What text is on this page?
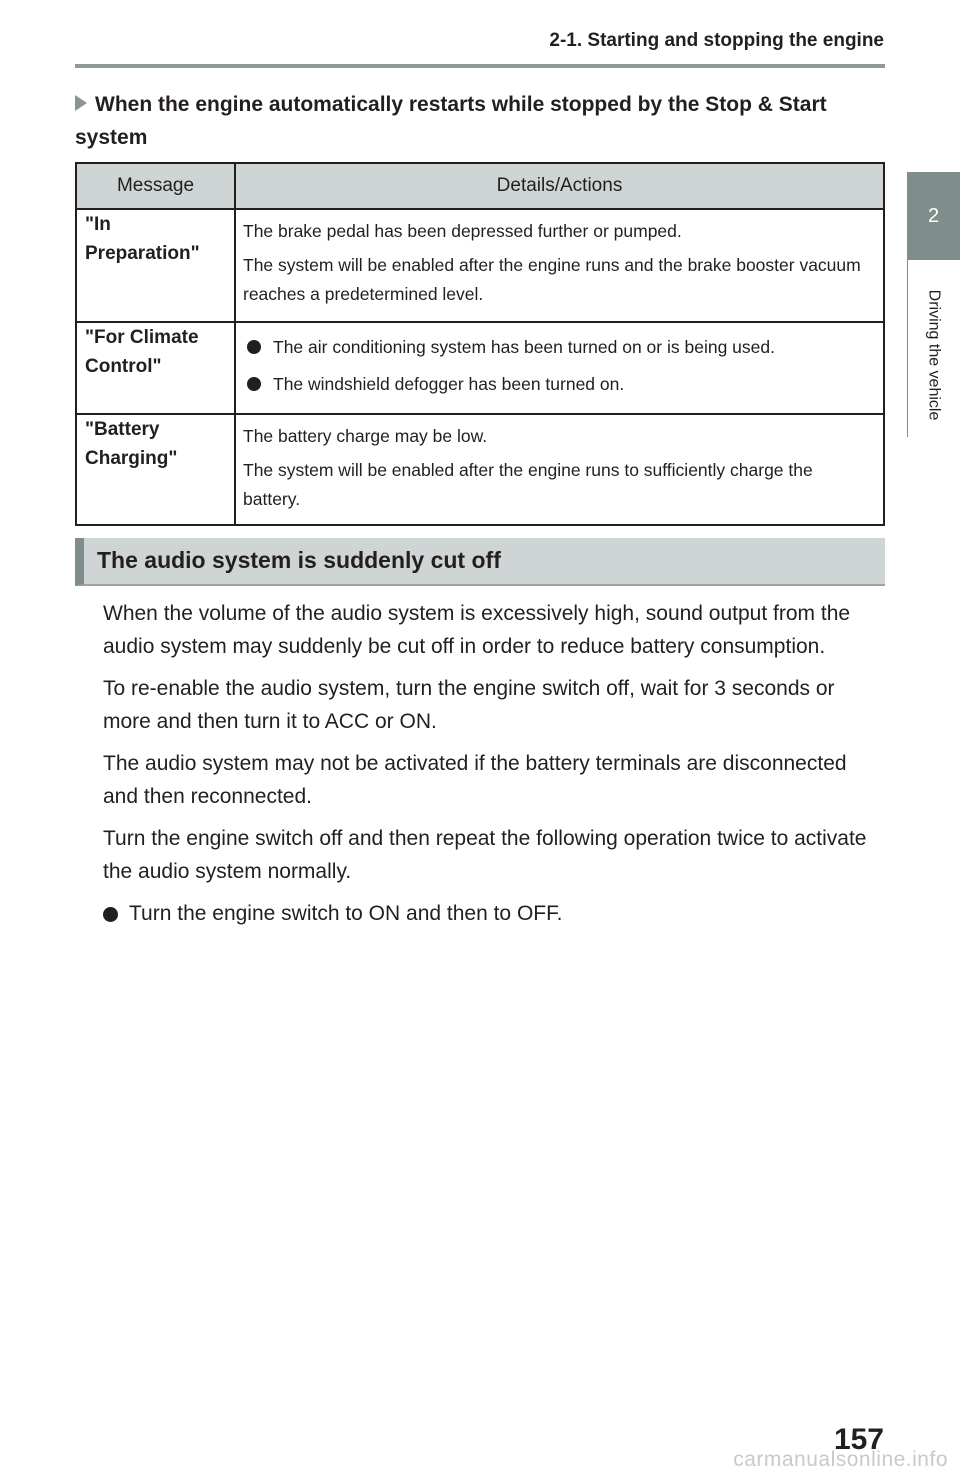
2-1. Starting and stopping the engine
2
Driving the vehicle
When the engine automatically restarts while stopped by the Stop & Start system
Message	Details/Actions
"In Preparation"	The brake pedal has been depressed further or pumped.

The system will be enabled after the engine runs and the brake booster vacuum reaches a predetermined level.

"For Climate Control"	The air conditioning system has been turned on or is being used.
The windshield defogger has been turned on.

"Battery Charging"	The battery charge may be low.

The system will be enabled after the engine runs to sufficiently charge the battery.

The audio system is suddenly cut off

When the volume of the audio system is excessively high, sound output from the audio system may suddenly be cut off in order to reduce battery consumption.

To re-enable the audio system, turn the engine switch off, wait for 3 seconds or more and then turn it to ACC or ON.

The audio system may not be activated if the battery terminals are disconnected and then reconnected.

Turn the engine switch off and then repeat the following operation twice to activate the audio system normally.

Turn the engine switch to ON and then to OFF.
157
carmanualsonline.info
